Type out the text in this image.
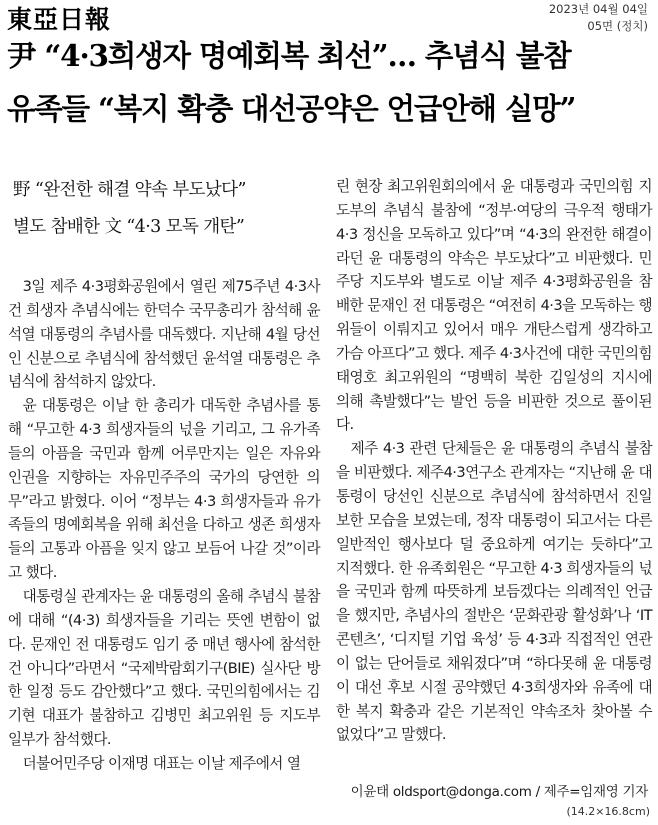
東亞日報	2023년 04월 04일
05면 (정치)
尹 “4·3희생자 명예회복 최선”… 추념식 불참
유족들 “복지 확충 대선공약은 언급안해 실망”
野 “완전한 해결 약속 부도났다”
별도 참배한 文 “4·3 모독 개탄”

3일 제주 4·3평화공원에서 열린 제75주년 4·3사건 희생자 추념식에는 한덕수 국무총리가 참석해 윤석열 대통령의 추념사를 대독했다. 지난해 4월 당선인 신분으로 추념식에 참석했던 윤석열 대통령은 추념식에 참석하지 않았다.

윤 대통령은 이날 한 총리가 대독한 추념사를 통해 “무고한 4·3 희생자들의 넋을 기리고, 그 유가족들의 아픔을 국민과 함께 어루만지는 일은 자유와 인권을 지향하는 자유민주주의 국가의 당연한 의무”라고 밝혔다. 이어 “정부는 4·3 희생자들과 유가족들의 명예회복을 위해 최선을 다하고 생존 희생자들의 고통과 아픔을 잊지 않고 보듬어 나갈 것”이라고 했다.

대통령실 관계자는 윤 대통령의 올해 추념식 불참에 대해 “(4·3) 희생자들을 기리는 뜻엔 변함이 없다. 문재인 전 대통령도 임기 중 매년 행사에 참석한 건 아니다”라면서 “국제박람회기구(BIE) 실사단 방한 일정 등도 감안했다”고 했다. 국민의힘에서는 김기현 대표가 불참하고 김병민 최고위원 등 지도부 일부가 참석했다.

더불어민주당 이재명 대표는 이날 제주에서 열

린 현장 최고위원회의에서 윤 대통령과 국민의힘 지도부의 추념식 불참에 “정부·여당의 극우적 행태가 4·3 정신을 모독하고 있다”며 “4·3의 완전한 해결이라던 윤 대통령의 약속은 부도났다”고 비판했다. 민주당 지도부와 별도로 이날 제주 4·3평화공원을 참배한 문재인 전 대통령은 “여전히 4·3을 모독하는 행위들이 이뤄지고 있어서 매우 개탄스럽게 생각하고 가슴 아프다”고 했다. 제주 4·3사건에 대한 국민의힘 태영호 최고위원의 “명백히 북한 김일성의 지시에 의해 촉발했다”는 발언 등을 비판한 것으로 풀이된다.

제주 4·3 관련 단체들은 윤 대통령의 추념식 불참을 비판했다. 제주4·3연구소 관계자는 “지난해 윤 대통령이 당선인 신분으로 추념식에 참석하면서 진일보한 모습을 보였는데, 정작 대통령이 되고서는 다른 일반적인 행사보다 덜 중요하게 여기는 듯하다”고 지적했다. 한 유족회원은 “무고한 4·3 희생자들의 넋을 국민과 함께 따뜻하게 보듬겠다는 의례적인 언급을 했지만, 추념사의 절반은 ‘문화관광 활성화’나 ‘IT 콘텐츠’, ‘디지털 기업 육성’ 등 4·3과 직접적인 연관이 없는 단어들로 채워졌다”며 “하다못해 윤 대통령이 대선 후보 시절 공약했던 4·3희생자와 유족에 대한 복지 확충과 같은 기본적인 약속조차 찾아볼 수 없었다”고 말했다.

이윤태 oldsport@donga.com / 제주=임재영 기자
(14.2×16.8cm)
